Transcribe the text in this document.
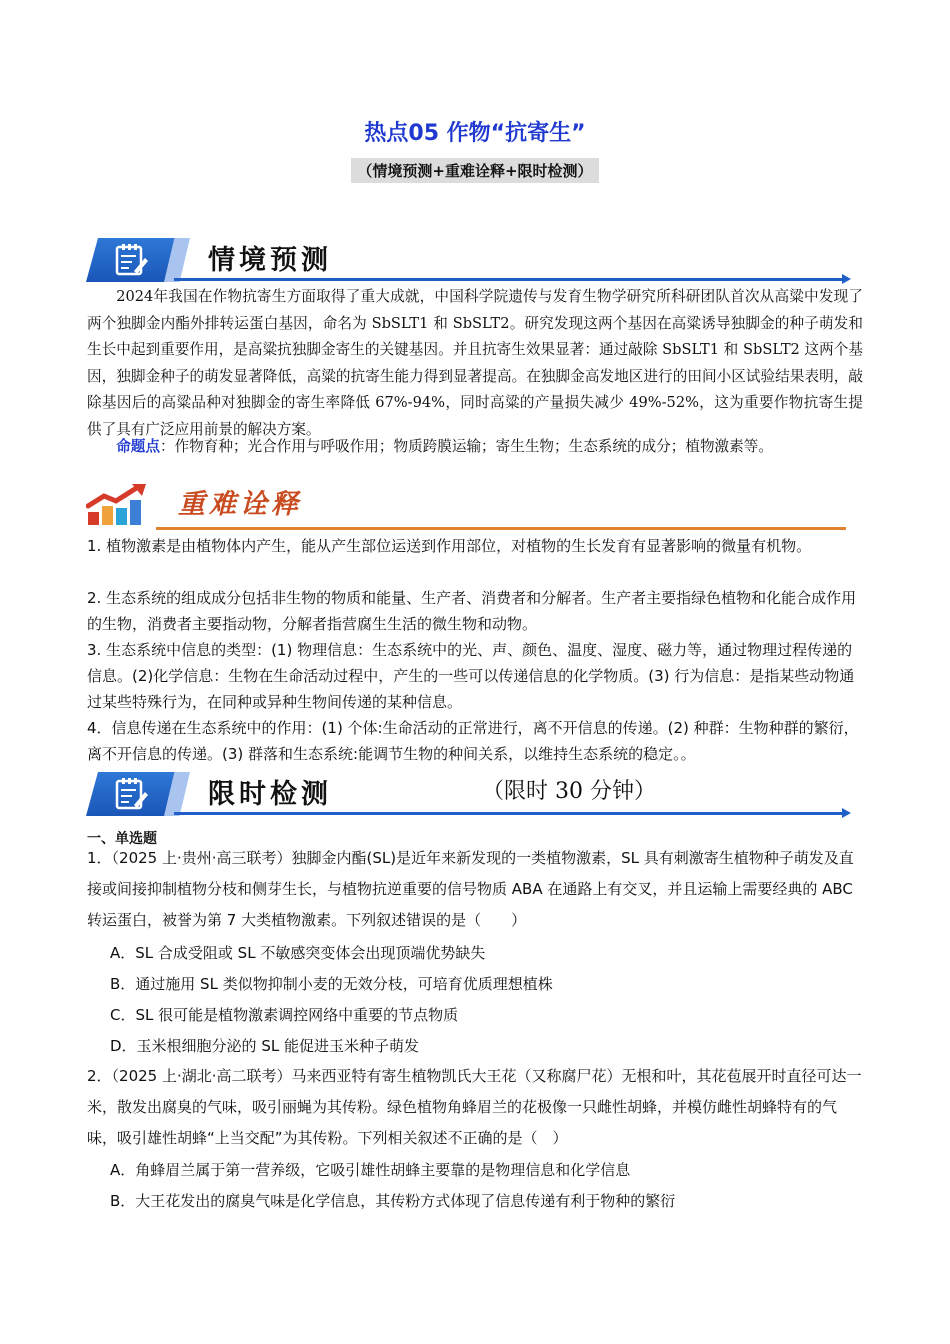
热点05 作物“抗寄生”
（情境预测+重难诠释+限时检测）
情境预测
2024年我国在作物抗寄生方面取得了重大成就，中国科学院遗传与发育生物学研究所科研团队首次从高粱中发现了两个独脚金内酯外排转运蛋白基因，命名为 SbSLT1 和 SbSLT2。研究发现这两个基因在高粱诱导独脚金的种子萌发和生长中起到重要作用，是高粱抗独脚金寄生的关键基因。并且抗寄生效果显著：通过敲除 SbSLT1 和 SbSLT2 这两个基因，独脚金种子的萌发显著降低，高粱的抗寄生能力得到显著提高。在独脚金高发地区进行的田间小区试验结果表明，敲除基因后的高粱品种对独脚金的寄生率降低 67%-94%，同时高粱的产量损失减少 49%-52%，这为重要作物抗寄生提供了具有广泛应用前景的解决方案。
命题点：作物育种；光合作用与呼吸作用；物质跨膜运输；寄生生物；生态系统的成分；植物激素等。
重难诠释
1. 植物激素是由植物体内产生，能从产生部位运送到作用部位，对植物的生长发育有显著影响的微量有机物。
2. 生态系统的组成成分包括非生物的物质和能量、生产者、消费者和分解者。生产者主要指绿色植物和化能合成作用的生物，消费者主要指动物，分解者指营腐生生活的微生物和动物。
3. 生态系统中信息的类型：(1) 物理信息：生态系统中的光、声、颜色、温度、湿度、磁力等，通过物理过程传递的信息。(2)化学信息：生物在生命活动过程中，产生的一些可以传递信息的化学物质。(3) 行为信息：是指某些动物通过某些特殊行为，在同种或异种生物间传递的某种信息。
4．信息传递在生态系统中的作用：(1) 个体:生命活动的正常进行，离不开信息的传递。(2) 种群：生物种群的繁衍，离不开信息的传递。(3) 群落和生态系统:能调节生物的种间关系，以维持生态系统的稳定。。
限时检测	（限时 30 分钟）
一、单选题
1．（2025 上·贵州·高三联考）独脚金内酯(SL)是近年来新发现的一类植物激素，SL 具有刺激寄生植物种子萌发及直接或间接抑制植物分枝和侧芽生长，与植物抗逆重要的信号物质 ABA 在通路上有交叉，并且运输上需要经典的 ABC 转运蛋白，被誉为第 7 大类植物激素。下列叙述错误的是（　　）
A．SL 合成受阻或 SL 不敏感突变体会出现顶端优势缺失
B．通过施用 SL 类似物抑制小麦的无效分枝，可培育优质理想植株
C．SL 很可能是植物激素调控网络中重要的节点物质
D．玉米根细胞分泌的 SL 能促进玉米种子萌发
2．（2025 上·湖北·高二联考）马来西亚特有寄生植物凯氏大王花（又称腐尸花）无根和叶，其花苞展开时直径可达一米，散发出腐臭的气味，吸引丽蝇为其传粉。绿色植物角蜂眉兰的花极像一只雌性胡蜂，并模仿雌性胡蜂特有的气味，吸引雄性胡蜂“上当交配”为其传粉。下列相关叙述不正确的是（　）
A．角蜂眉兰属于第一营养级，它吸引雄性胡蜂主要靠的是物理信息和化学信息
B．大王花发出的腐臭气味是化学信息，其传粉方式体现了信息传递有利于物种的繁衍
